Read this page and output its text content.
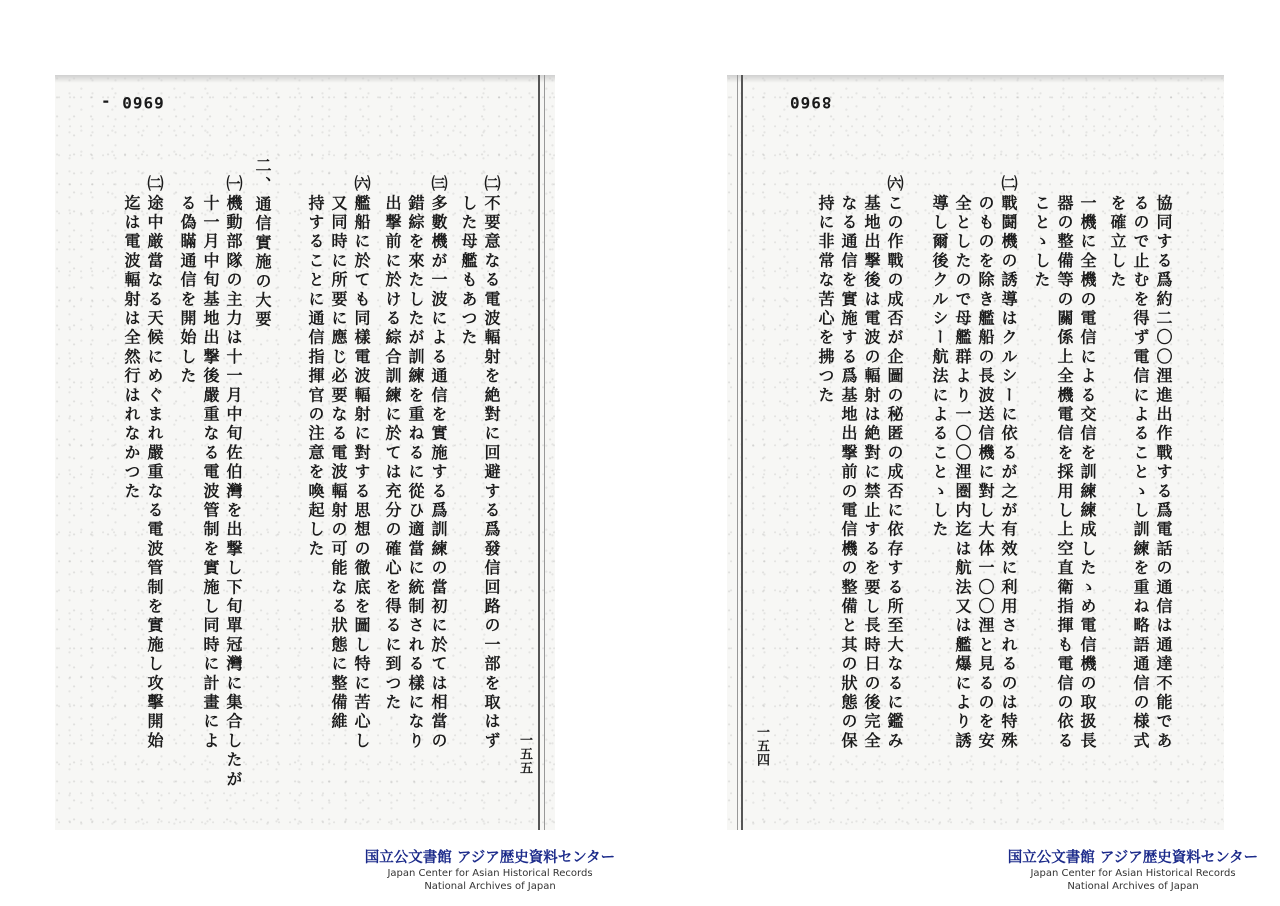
6960 -
一五五
㈡不要意なる電波輻射を絶對に回避する爲發信回路の一部を取はず
　した母艦もあつた
㈢多數機が一波による通信を實施する爲訓練の當初に於ては相當の
　錯綜を來たしたが訓練を重ねるに從ひ適當に統制される樣になり
　出撃前に於ける綜合訓練に於ては充分の確心を得るに到つた
㈥艦船に於ても同樣電波輻射に對する思想の徹底を圖し特に苦心し
　又同時に所要に應じ必要なる電波輻射の可能なる狀態に整備維
　持することに通信指揮官の注意を喚起した
二、通信實施の大要
㈠機動部隊の主力は十一月中旬佐伯灣を出撃し下旬單冠灣に集合したが
　十一月中旬基地出撃後嚴重なる電波管制を實施し同時に計畫によ
　る偽瞞通信を開始した
㈡途中厳當なる天候にめぐまれ嚴重なる電波管制を實施し攻擊開始
　迄は電波輻射は全然行はれなかつた
8960
一五四	　協同する爲約二〇〇浬進出作戰する爲電話の通信は通達不能であ
　るので止むを得ず電信によることゝし訓練を重ね略語通信の様式
　を確立した
　一機に全機の電信による交信を訓練練成したゝめ電信機の取扱長
　器の整備等の關係上全機電信を採用し上空直衛指揮も電信の依る
　ことゝした
㈡戰鬪機の誘導はクルシーに依るが之が有效に利用されるのは特殊
　のものを除き艦船の長波送信機に對し大体一〇〇浬と見るのを安
　全としたので母艦群より一〇〇浬圏内迄は航法又は艦爆により誘
　導し爾後クルシー航法によることゝした
㈥この作戰の成否が企圖の秘匿の成否に依存する所至大なるに鑑み
　基地出撃後は電波の輻射は絶對に禁止するを要し長時日の後完全
　なる通信を實施する爲基地出撃前の電信機の整備と其の狀態の保
　持に非常な苦心を拂つた
国立公文書館 アジア歴史資料センター
Japan Center for Asian Historical Records
National Archives of Japan
国立公文書館 アジア歴史資料センター
Japan Center for Asian Historical Records
National Archives of Japan
